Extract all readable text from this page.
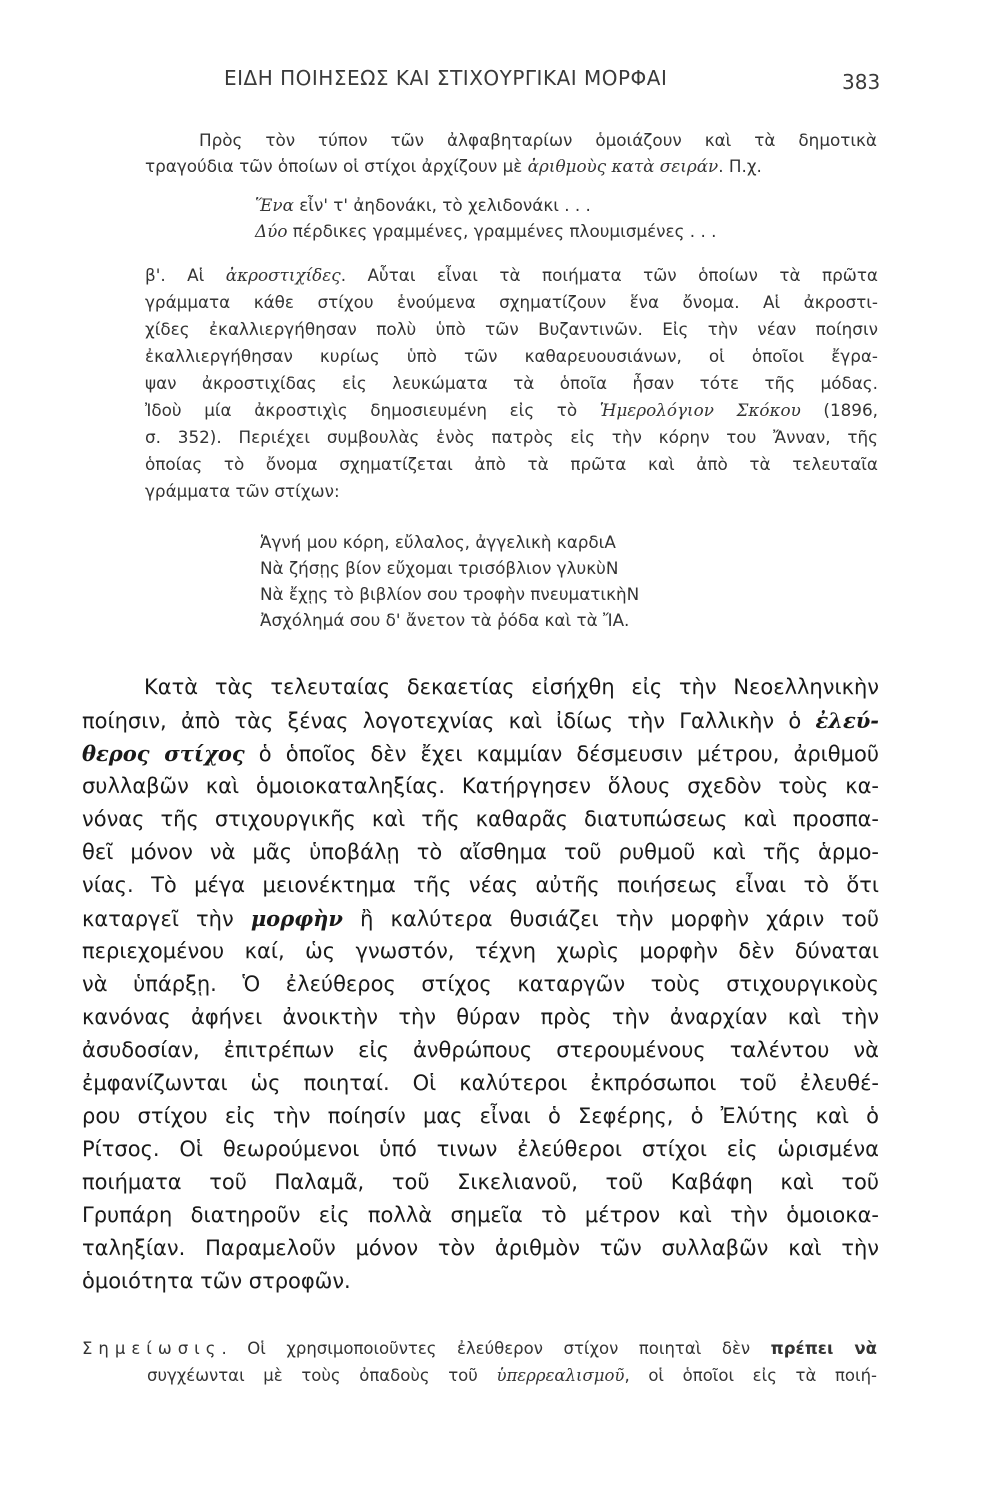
ΕΙΔΗ ΠΟΙΗΣΕΩΣ ΚΑΙ ΣΤΙΧΟΥΡΓΙΚΑΙ ΜΟΡΦΑΙ	383
Πρὸς τὸν τύπον τῶν ἀλφαβηταρίων ὁμοιάζουν καὶ τὰ δημοτικὰ
τραγούδια τῶν ὁποίων οἱ στίχοι ἀρχίζουν μὲ ἀριθμοὺς κατὰ σειράν. Π.χ.
Ἕνα εἶν' τ' ἀηδονάκι, τὸ χελιδονάκι . . .
Δύο πέρδικες γραμμένες, γραμμένες πλουμισμένες . . .
β'. Αἱ ἀκροστιχίδες. Αὗται εἶναι τὰ ποιήματα τῶν ὁποίων τὰ πρῶτα
γράμματα κάθε στίχου ἑνούμενα σχηματίζουν ἕνα ὄνομα. Αἱ ἀκροστι-
χίδες ἐκαλλιεργήθησαν πολὺ ὑπὸ τῶν Βυζαντινῶν. Εἰς τὴν νέαν ποίησιν
ἐκαλλιεργήθησαν κυρίως ὑπὸ τῶν καθαρευουσιάνων, οἱ ὁποῖοι ἔγρα-
ψαν ἀκροστιχίδας εἰς λευκώματα τὰ ὁποῖα ἦσαν τότε τῆς μόδας.
Ἰδοὺ μία ἀκροστιχὶς δημοσιευμένη εἰς τὸ Ἡμερολόγιον Σκόκου (1896,
σ. 352). Περιέχει συμβουλὰς ἑνὸς πατρὸς εἰς τὴν κόρην του Ἄνναν, τῆς
ὁποίας τὸ ὄνομα σχηματίζεται ἀπὸ τὰ πρῶτα καὶ ἀπὸ τὰ τελευταῖα
γράμματα τῶν στίχων:
Ἁγνή μου κόρη, εὔλαλος, ἀγγελικὴ καρδιΑ
Νὰ ζήσῃς βίον εὔχομαι τρισόβλιον γλυκὺΝ
Νὰ ἔχῃς τὸ βιβλίον σου τροφὴν πνευματικὴΝ
Ἀσχόλημά σου δ' ἄνετον τὰ ῥόδα καὶ τὰ ἼΑ.
Κατὰ τὰς τελευταίας δεκαετίας εἰσήχθη εἰς τὴν Νεοελληνικὴν
ποίησιν, ἀπὸ τὰς ξένας λογοτεχνίας καὶ ἰδίως τὴν Γαλλικὴν ὁ ἐλεύ-
θερος στίχος ὁ ὁποῖος δὲν ἔχει καμμίαν δέσμευσιν μέτρου, ἀριθμοῦ
συλλαβῶν καὶ ὁμοιοκαταληξίας. Κατήργησεν ὅλους σχεδὸν τοὺς κα-
νόνας τῆς στιχουργικῆς καὶ τῆς καθαρᾶς διατυπώσεως καὶ προσπα-
θεῖ μόνον νὰ μᾶς ὑποβάλῃ τὸ αἴσθημα τοῦ ρυθμοῦ καὶ τῆς ἁρμο-
νίας. Τὸ μέγα μειονέκτημα τῆς νέας αὐτῆς ποιήσεως εἶναι τὸ ὅτι
καταργεῖ τὴν μορφὴν ἢ καλύτερα θυσιάζει τὴν μορφὴν χάριν τοῦ
περιεχομένου καί, ὡς γνωστόν, τέχνη χωρὶς μορφὴν δὲν δύναται
νὰ ὑπάρξῃ. Ὁ ἐλεύθερος στίχος καταργῶν τοὺς στιχουργικοὺς
κανόνας ἀφήνει ἀνοικτὴν τὴν θύραν πρὸς τὴν ἀναρχίαν καὶ τὴν
ἀσυδοσίαν, ἐπιτρέπων εἰς ἀνθρώπους στερουμένους ταλέντου νὰ
ἐμφανίζωνται ὡς ποιηταί. Οἱ καλύτεροι ἐκπρόσωποι τοῦ ἐλευθέ-
ρου στίχου εἰς τὴν ποίησίν μας εἶναι ὁ Σεφέρης, ὁ Ἐλύτης καὶ ὁ
Ρίτσος. Οἱ θεωρούμενοι ὑπό τινων ἐλεύθεροι στίχοι εἰς ὡρισμένα
ποιήματα τοῦ Παλαμᾶ, τοῦ Σικελιανοῦ, τοῦ Καβάφη καὶ τοῦ
Γρυπάρη διατηροῦν εἰς πολλὰ σημεῖα τὸ μέτρον καὶ τὴν ὁμοιοκα-
ταληξίαν. Παραμελοῦν μόνον τὸν ἀριθμὸν τῶν συλλαβῶν καὶ τὴν
ὁμοιότητα τῶν στροφῶν.
Σημείωσις. Οἱ χρησιμοποιοῦντες ἐλεύθερον στίχον ποιηταὶ δὲν πρέπει νὰ
συγχέωνται μὲ τοὺς ὀπαδοὺς τοῦ ὑπερρεαλισμοῦ, οἱ ὁποῖοι εἰς τὰ ποιή-
